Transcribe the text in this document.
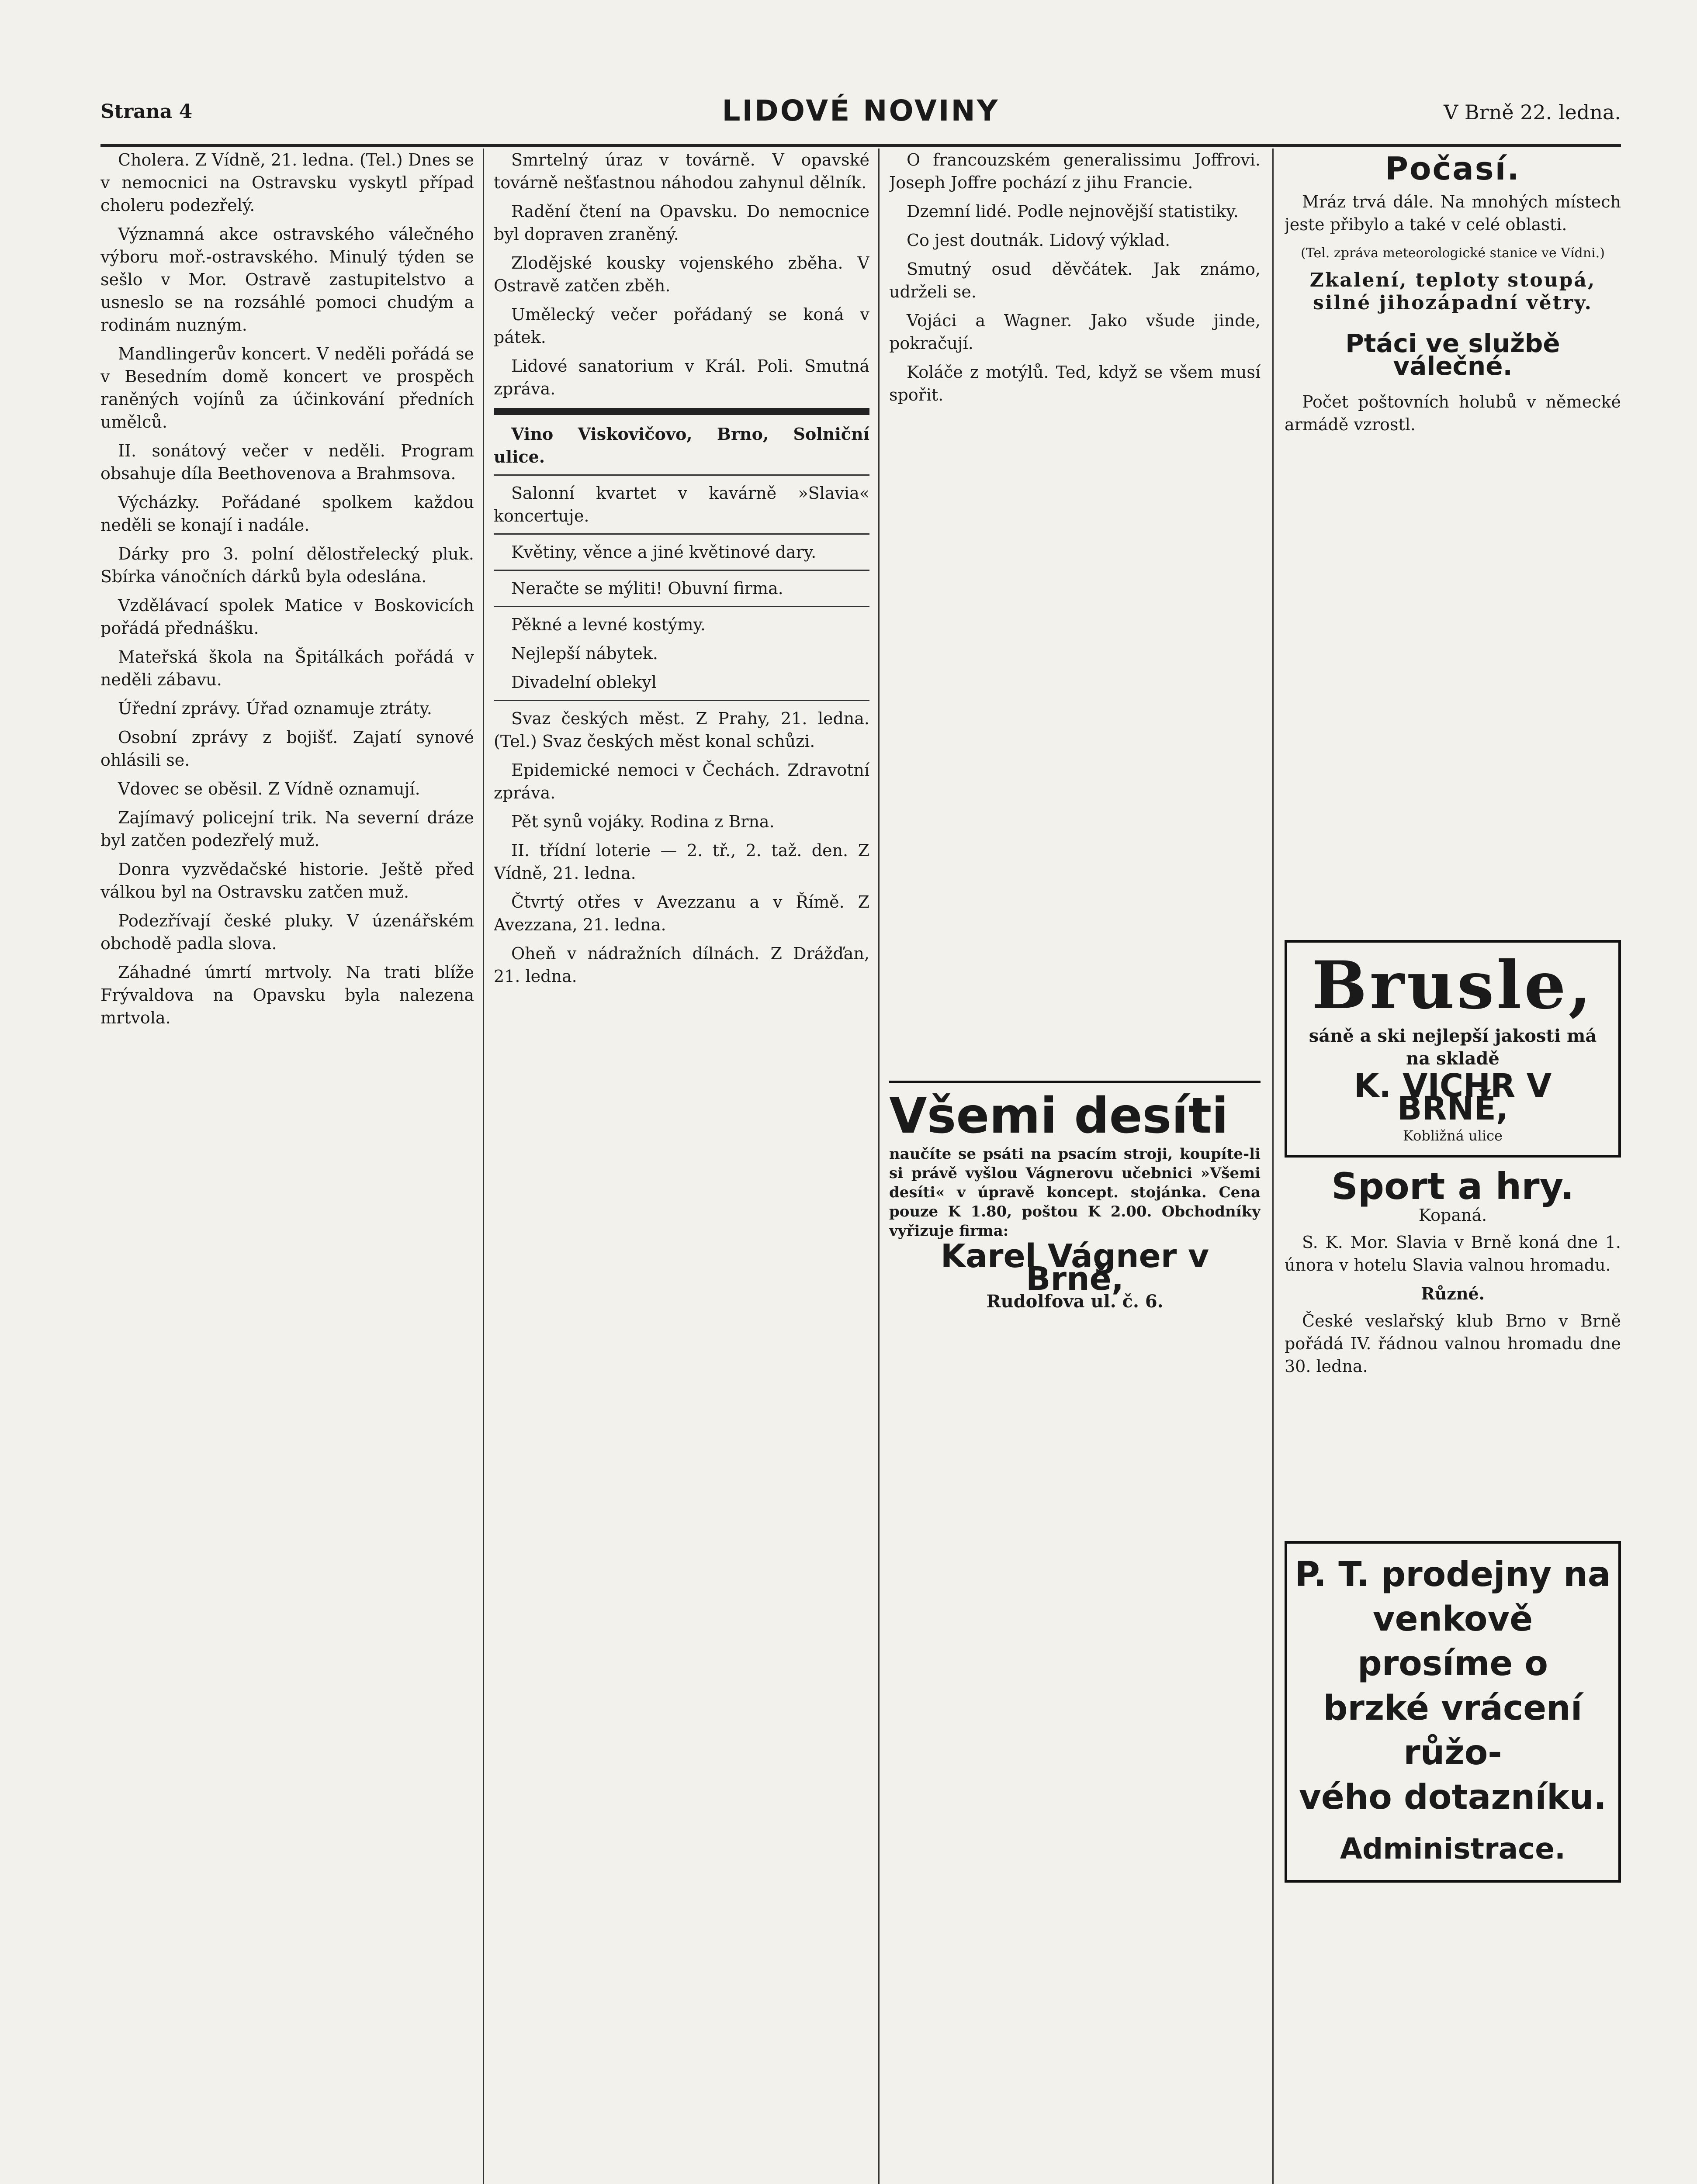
Strana 4	LIDOVÉ NOVINY	V Brně 22. ledna.

Cholera. Z Vídně, 21. ledna. (Tel.) Dnes se v nemocnici na Ostravsku vyskytl případ choleru podezřelý.

Významná akce ostravského válečného výboru moř.-ostravského. Minulý týden se sešlo v Mor. Ostravě zastupitelstvo a usneslo se na rozsáhlé pomoci chudým a rodinám nuzným.

Mandlingerův koncert. V neděli pořádá se v Besedním domě koncert ve prospěch raněných vojínů za účinkování předních umělců.

II. sonátový večer v neděli. Program obsahuje díla Beethovenova a Brahmsova.

Výcházky. Pořádané spolkem každou neděli se konají i nadále.

Dárky pro 3. polní dělostřelecký pluk. Sbírka vánočních dárků byla odeslána.

Vzdělávací spolek Matice v Boskovicích pořádá přednášku.

Mateřská škola na Špitálkách pořádá v neděli zábavu.

Úřední zprávy. Úřad oznamuje ztráty.

Osobní zprávy z bojišť. Zajatí synové ohlásili se.

Vdovec se oběsil. Z Vídně oznamují.

Zajímavý policejní trik. Na severní dráze byl zatčen podezřelý muž.

Donra vyzvědačské historie. Ještě před válkou byl na Ostravsku zatčen muž.

Podezřívají české pluky. V úzenářském obchodě padla slova.

Záhadné úmrtí mrtvoly. Na trati blíže Frývaldova na Opavsku byla nalezena mrtvola.

Smrtelný úraz v továrně. V opavské továrně nešťastnou náhodou zahynul dělník.

Radění čtení na Opavsku. Do nemocnice byl dopraven zraněný.

Zlodějské kousky vojenského zběha. V Ostravě zatčen zběh.

Umělecký večer pořádaný se koná v pátek.

Lidové sanatorium v Král. Poli. Smutná zpráva.

Vino Viskovičovo, Brno, Solniční ulice.

Salonní kvartet v kavárně »Slavia« koncertuje.

Květiny, věnce a jiné květinové dary.

Neračte se mýliti! Obuvní firma.

Pěkné a levné kostýmy.

Nejlepší nábytek.

Divadelní oblekyl

Svaz českých měst. Z Prahy, 21. ledna. (Tel.) Svaz českých měst konal schůzi.

Epidemické nemoci v Čechách. Zdravotní zpráva.

Pět synů vojáky. Rodina z Brna.

II. třídní loterie — 2. tř., 2. taž. den. Z Vídně, 21. ledna.

Čtvrtý otřes v Avezzanu a v Římě. Z Avezzana, 21. ledna.

Oheň v nádražních dílnách. Z Drážďan, 21. ledna.

O francouzském generalissimu Joffrovi. Joseph Joffre pochází z jihu Francie.

Dzemní lidé. Podle nejnovější statistiky.

Co jest doutnák. Lidový výklad.

Smutný osud děvčátek. Jak známo, udrželi se.

Vojáci a Wagner. Jako všude jinde, pokračují.

Koláče z motýlů. Ted, když se všem musí spořit.

Všemi desíti
naučíte se psáti na psacím stroji, koupíte-li si právě vyšlou Vágnerovu učebnici »Všemi desíti« v úpravě koncept. stojánka. Cena pouze K 1.80, poštou K 2.00. Obchodníky vyřizuje firma:
Karel Vágner v Brně,
Rudolfova ul. č. 6.
Počasí.

Mráz trvá dále. Na mnohých místech jeste přibylo a také v celé oblasti.

(Tel. zpráva meteorologické stanice ve Vídni.)
Zkalení, teploty stoupá, silné jihozápadní větry.
Ptáci ve službě válečné.

Počet poštovních holubů v německé armádě vzrostl.

Brusle,
sáně a ski nejlepší jakosti má na skladě
K. VICHR V BRNĚ,
Kobližná ulice
Sport a hry.
Kopaná.

S. K. Mor. Slavia v Brně koná dne 1. února v hotelu Slavia valnou hromadu.

Různé.

České veslařský klub Brno v Brně pořádá IV. řádnou valnou hromadu dne 30. ledna.

P. T. prodejny na
venkově prosíme o
brzké vrácení růžo-
vého dotazníku.
Administrace.
